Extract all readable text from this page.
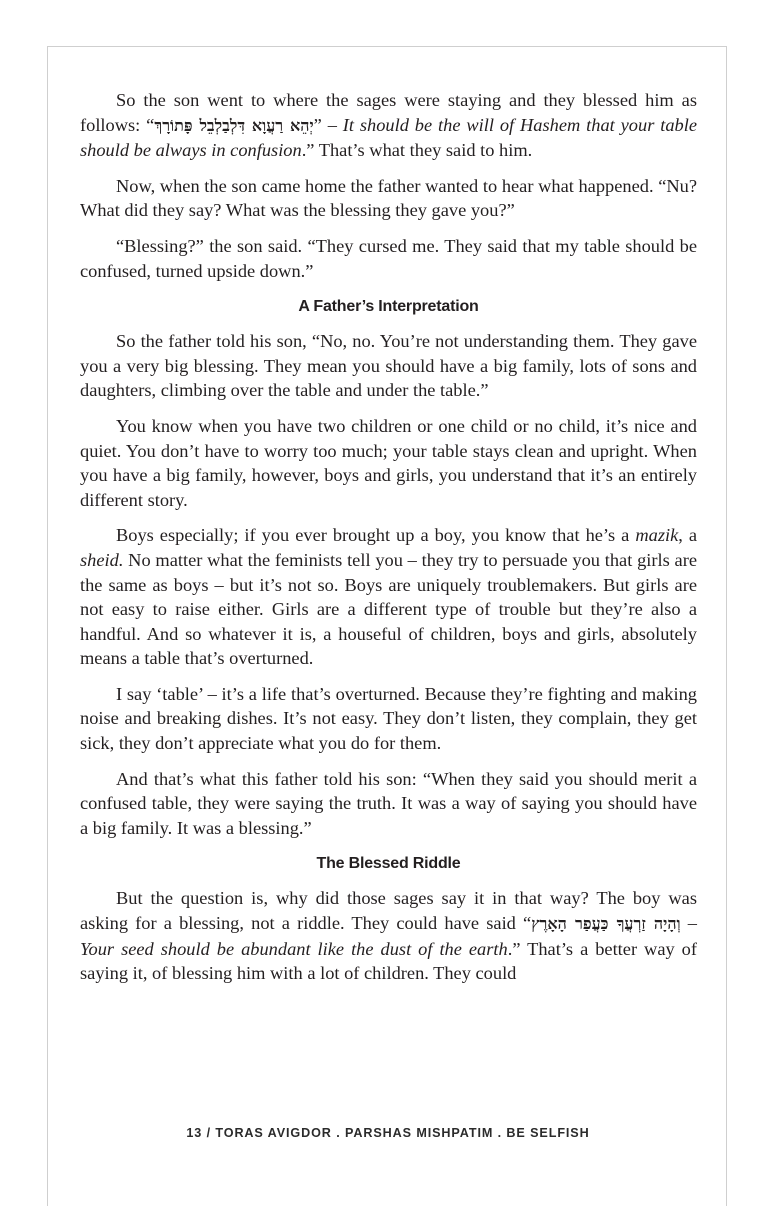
So the son went to where the sages were staying and they blessed him as follows: “יְהֵא רַעֲוָא דִּלְבַלְבֵל פָּתוֹרָךְ” – It should be the will of Hashem that your table should be always in confusion.” That’s what they said to him.

Now, when the son came home the father wanted to hear what happened. “Nu? What did they say? What was the blessing they gave you?”

“Blessing?” the son said. “They cursed me. They said that my table should be confused, turned upside down.”

A Father’s Interpretation

So the father told his son, “No, no. You’re not understanding them. They gave you a very big blessing. They mean you should have a big family, lots of sons and daughters, climbing over the table and under the table.”

You know when you have two children or one child or no child, it’s nice and quiet. You don’t have to worry too much; your table stays clean and upright. When you have a big family, however, boys and girls, you understand that it’s an entirely different story.

Boys especially; if you ever brought up a boy, you know that he’s a mazik, a sheid. No matter what the feminists tell you – they try to persuade you that girls are the same as boys – but it’s not so. Boys are uniquely troublemakers. But girls are not easy to raise either. Girls are a different type of trouble but they’re also a handful. And so whatever it is, a houseful of children, boys and girls, absolutely means a table that’s overturned.

I say ‘table’ – it’s a life that’s overturned. Because they’re fighting and making noise and breaking dishes. It’s not easy. They don’t listen, they complain, they get sick, they don’t appreciate what you do for them.

And that’s what this father told his son: “When they said you should merit a confused table, they were saying the truth. It was a way of saying you should have a big family. It was a blessing.”

The Blessed Riddle

But the question is, why did those sages say it in that way? The boy was asking for a blessing, not a riddle. They could have said “וְהָיָה זַרְעֲךָ כַּעֲפַר הָאָרֶץ – Your seed should be abundant like the dust of the earth.” That’s a better way of saying it, of blessing him with a lot of children. They could

13 / TORAS AVIGDOR . PARSHAS MISHPATIM . BE SELFISH
